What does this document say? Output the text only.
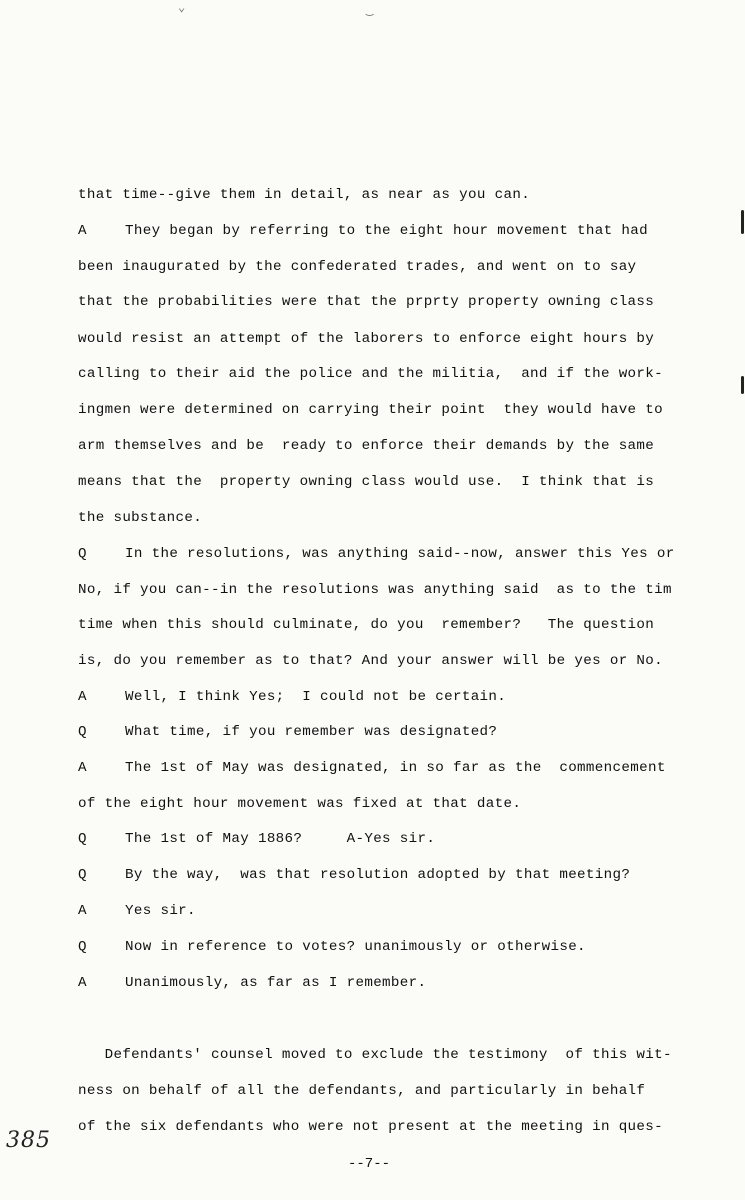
⌄	‿
that time--give them in detail, as near as you can.
A	They began by referring to the eight hour movement that had
been inaugurated by the confederated trades, and went on to say
that the probabilities were that the prprty property owning class
would resist an attempt of the laborers to enforce eight hours by
calling to their aid the police and the militia,  and if the work-
ingmen were determined on carrying their point  they would have to
arm themselves and be  ready to enforce their demands by the same
means that the  property owning class would use.  I think that is
the substance.
Q	In the resolutions, was anything said--now, answer this Yes or
No, if you can--in the resolutions was anything said  as to the tim
time when this should culminate, do you  remember?   The question
is, do you remember as to that? And your answer will be yes or No.
A	Well, I think Yes;  I could not be certain.
Q	What time, if you remember was designated?
A	The 1st of May was designated, in so far as the  commencement
of the eight hour movement was fixed at that date.
Q	The 1st of May 1886?     A-Yes sir.
Q	By the way,  was that resolution adopted by that meeting?
A	Yes sir.
Q	Now in reference to votes? unanimously or otherwise.
A	Unanimously, as far as I remember.
Defendants' counsel moved to exclude the testimony  of this wit-
ness on behalf of all the defendants, and particularly in behalf
of the six defendants who were not present at the meeting in ques-
385
--7--
